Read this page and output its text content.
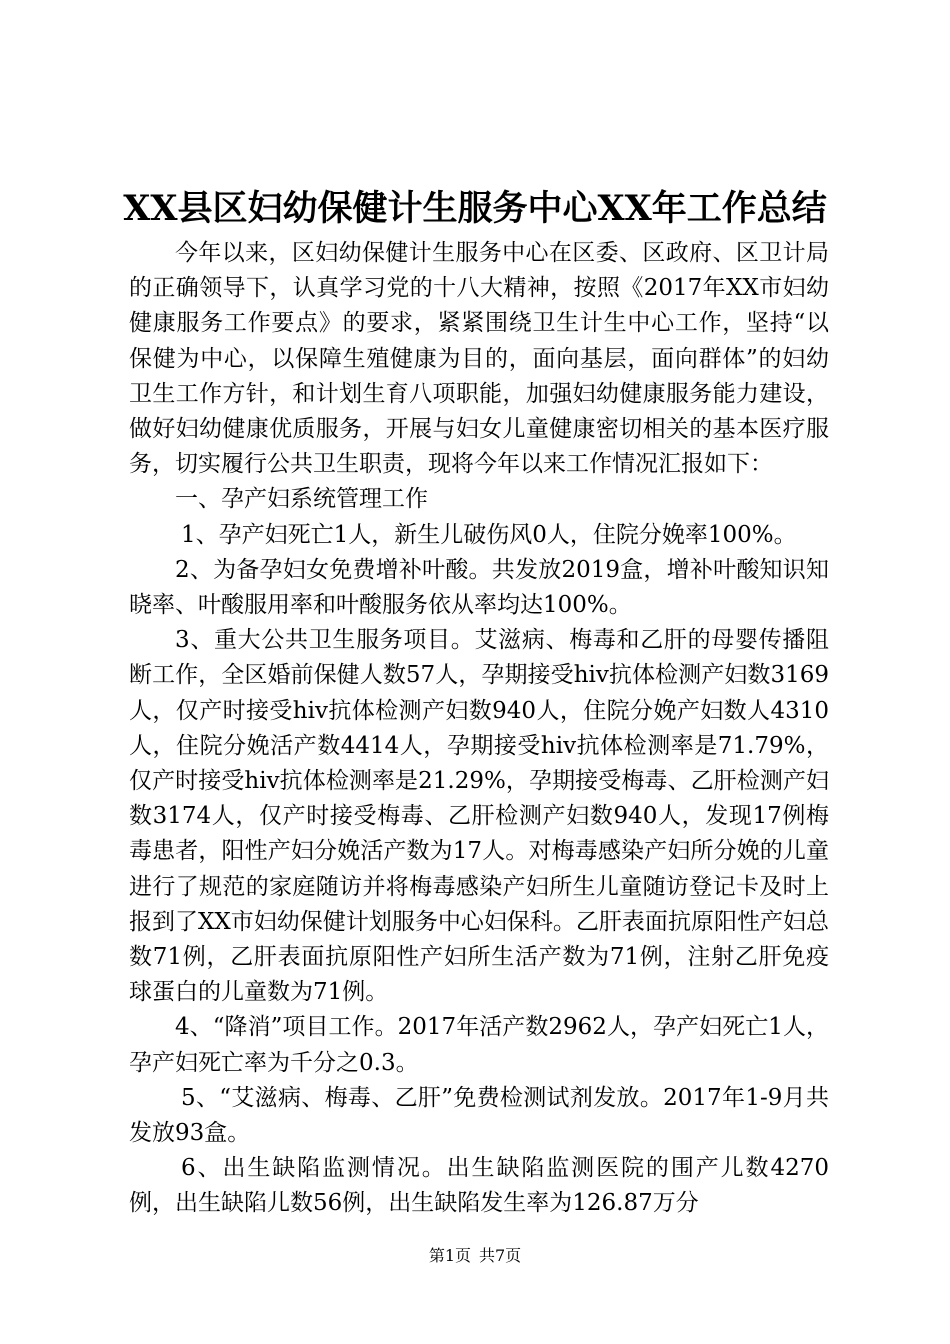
XX县区妇幼保健计生服务中心XX年工作总结

今年以来，区妇幼保健计生服务中心在区委、区政府、区卫计局的正确领导下，认真学习党的十八大精神，按照《2017年XX市妇幼健康服务工作要点》的要求，紧紧围绕卫生计生中心工作，坚持“以保健为中心，以保障生殖健康为目的，面向基层，面向群体”的妇幼卫生工作方针，和计划生育八项职能，加强妇幼健康服务能力建设，做好妇幼健康优质服务，开展与妇女儿童健康密切相关的基本医疗服务，切实履行公共卫生职责，现将今年以来工作情况汇报如下：

一、孕产妇系统管理工作

1、孕产妇死亡1人，新生儿破伤风0人，住院分娩率100%。

2、为备孕妇女免费增补叶酸。共发放2019盒，增补叶酸知识知晓率、叶酸服用率和叶酸服务依从率均达100%。

3、重大公共卫生服务项目。艾滋病、梅毒和乙肝的母婴传播阻断工作，全区婚前保健人数57人，孕期接受hiv抗体检测产妇数3169人，仅产时接受hiv抗体检测产妇数940人，住院分娩产妇数人4310人，住院分娩活产数4414人，孕期接受hiv抗体检测率是71.79%，仅产时接受hiv抗体检测率是21.29%，孕期接受梅毒、乙肝检测产妇数3174人，仅产时接受梅毒、乙肝检测产妇数940人，发现17例梅毒患者，阳性产妇分娩活产数为17人。对梅毒感染产妇所分娩的儿童进行了规范的家庭随访并将梅毒感染产妇所生儿童随访登记卡及时上报到了XX市妇幼保健计划服务中心妇保科。乙肝表面抗原阳性产妇总数71例，乙肝表面抗原阳性产妇所生活产数为71例，注射乙肝免疫球蛋白的儿童数为71例。

4、“降消”项目工作。2017年活产数2962人，孕产妇死亡1人，孕产妇死亡率为千分之0.3。

5、“艾滋病、梅毒、乙肝”免费检测试剂发放。2017年1-9月共发放93盒。

6、出生缺陷监测情况。出生缺陷监测医院的围产儿数4270例，出生缺陷儿数56例，出生缺陷发生率为126.87万分

第1页 共7页
